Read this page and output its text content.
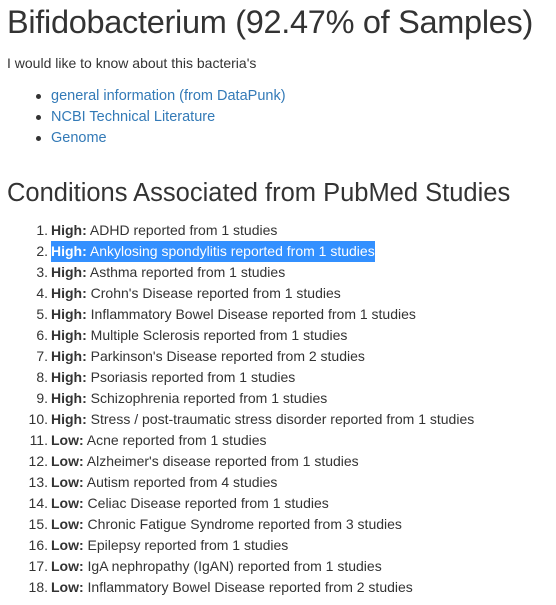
Bifidobacterium (92.47% of Samples)
I would like to know about this bacteria's
general information (from DataPunk)
NCBI Technical Literature
Genome
Conditions Associated from PubMed Studies
1. High: ADHD reported from 1 studies
2. High: Ankylosing spondylitis reported from 1 studies
3. High: Asthma reported from 1 studies
4. High: Crohn's Disease reported from 1 studies
5. High: Inflammatory Bowel Disease reported from 1 studies
6. High: Multiple Sclerosis reported from 1 studies
7. High: Parkinson's Disease reported from 2 studies
8. High: Psoriasis reported from 1 studies
9. High: Schizophrenia reported from 1 studies
10. High: Stress / post-traumatic stress disorder reported from 1 studies
11. Low: Acne reported from 1 studies
12. Low: Alzheimer's disease reported from 1 studies
13. Low: Autism reported from 4 studies
14. Low: Celiac Disease reported from 1 studies
15. Low: Chronic Fatigue Syndrome reported from 3 studies
16. Low: Epilepsy reported from 1 studies
17. Low: IgA nephropathy (IgAN) reported from 1 studies
18. Low: Inflammatory Bowel Disease reported from 2 studies
